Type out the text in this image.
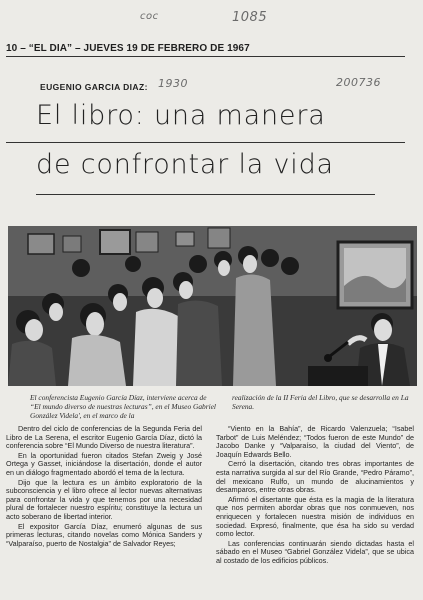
coc	1085
10 – “EL DIA” – JUEVES 19 DE FEBRERO DE 1967
EUGENIO GARCIA DIAZ: 1930	200736
El libro: una manera
de confrontar la vida
El conferencista Eugenio García Díaz, interviene acerca de “El mundo diverso de nuestras lecturas”, en el Museo Gabriel González Videla', en el marco de la
realización de la II Feria del Libro, que se desarrolla en La Serena.

Dentro del ciclo de conferencias de la Segunda Feria del Libro de La Serena, el escritor Eugenio García Díaz, dictó la conferencia sobre “El Mundo Diverso de nuestra literatura”.

En la oportunidad fueron citados Stefan Zweig y José Ortega y Gasset, iniciándose la disertación, donde el autor en un diálogo fragmentado abordó el tema de la lectura.

Dijo que la lectura es un ámbito exploratorio de la subconsciencia y el libro ofrece al lector nuevas alternativas para confrontar la vida y que tenemos por una necesidad plural de fortalecer nuestro espíritu; constituye la lectura un acto soberano de libertad interior.

El expositor García Díaz, enumeró algunas de sus primeras lecturas, citando novelas como Mónica Sanders y “Valparaíso, puerto de Nostalgia” de Salvador Reyes;

“Viento en la Bahía”, de Ricardo Valenzuela; “Isabel Tarbot” de Luis Meléndez; “Todos fueron de este Mundo” de Jacobo Danke y “Valparaíso, la ciudad del Viento”, de Joaquín Edwards Bello.

Cerró la disertación, citando tres obras importantes de esta narrativa surgida al sur del Río Grande, “Pedro Páramo”, del mexicano Rulfo, un mundo de alucinamientos y desamparos, entre otras obras.

Afirmó el disertante que ésta es la magia de la literatura que nos permiten abordar obras que nos conmueven, nos enriquecen y fortalecen nuestra misión de individuos en sociedad. Expresó, finalmente, que ésa ha sido su verdad como lector.

Las conferencias continuarán siendo dictadas hasta el sábado en el Museo “Gabriel González Videla”, que se ubica al costado de los edificios públicos.
